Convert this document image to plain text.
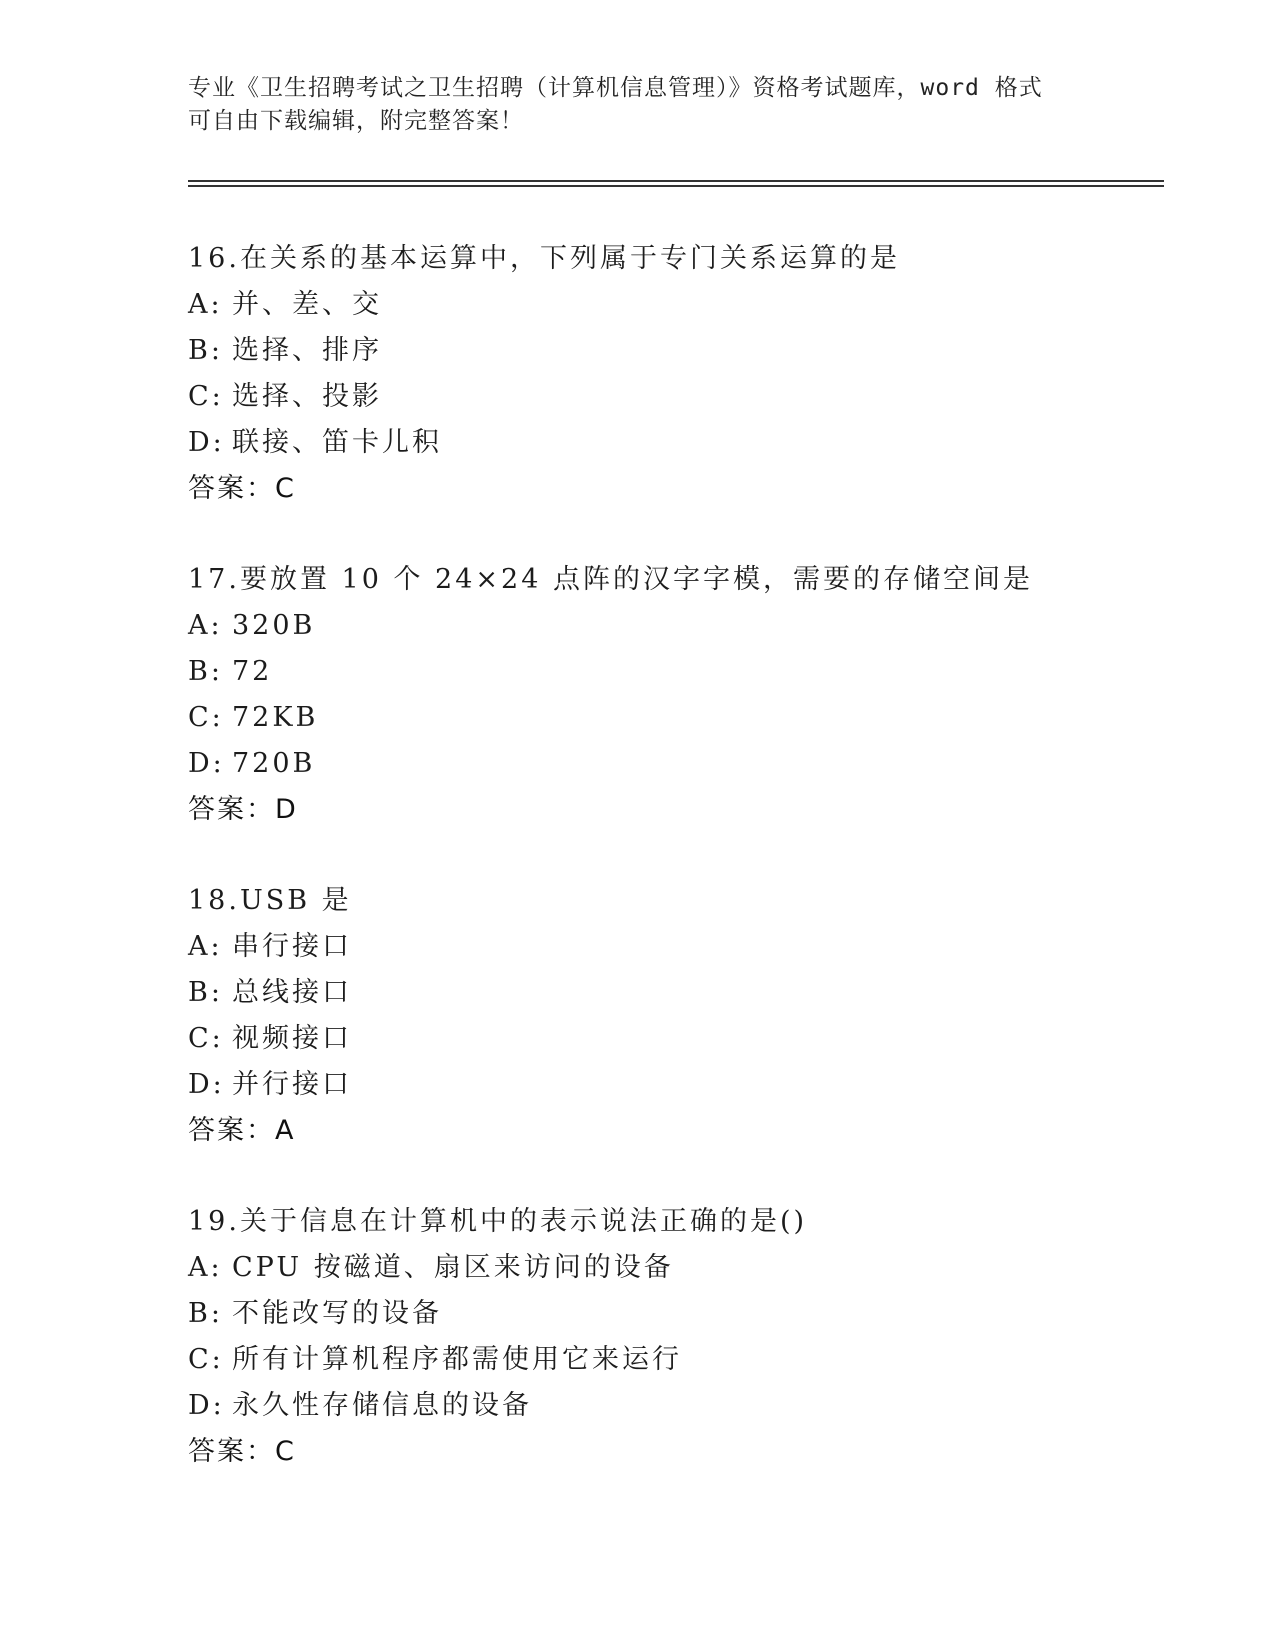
专业《卫生招聘考试之卫生招聘（计算机信息管理）》资格考试题库，word 格式
可自由下载编辑，附完整答案！
16.在关系的基本运算中，下列属于专门关系运算的是
A: 并、差、交
B: 选择、排序
C: 选择、投影
D: 联接、笛卡儿积
答案：C
17.要放置 10 个 24×24 点阵的汉字字模，需要的存储空间是
A: 320B
B: 72
C: 72KB
D: 720B
答案：D
18.USB 是
A: 串行接口
B: 总线接口
C: 视频接口
D: 并行接口
答案：A
19.关于信息在计算机中的表示说法正确的是()
A: CPU 按磁道、扇区来访问的设备
B: 不能改写的设备
C: 所有计算机程序都需使用它来运行
D: 永久性存储信息的设备
答案：C
